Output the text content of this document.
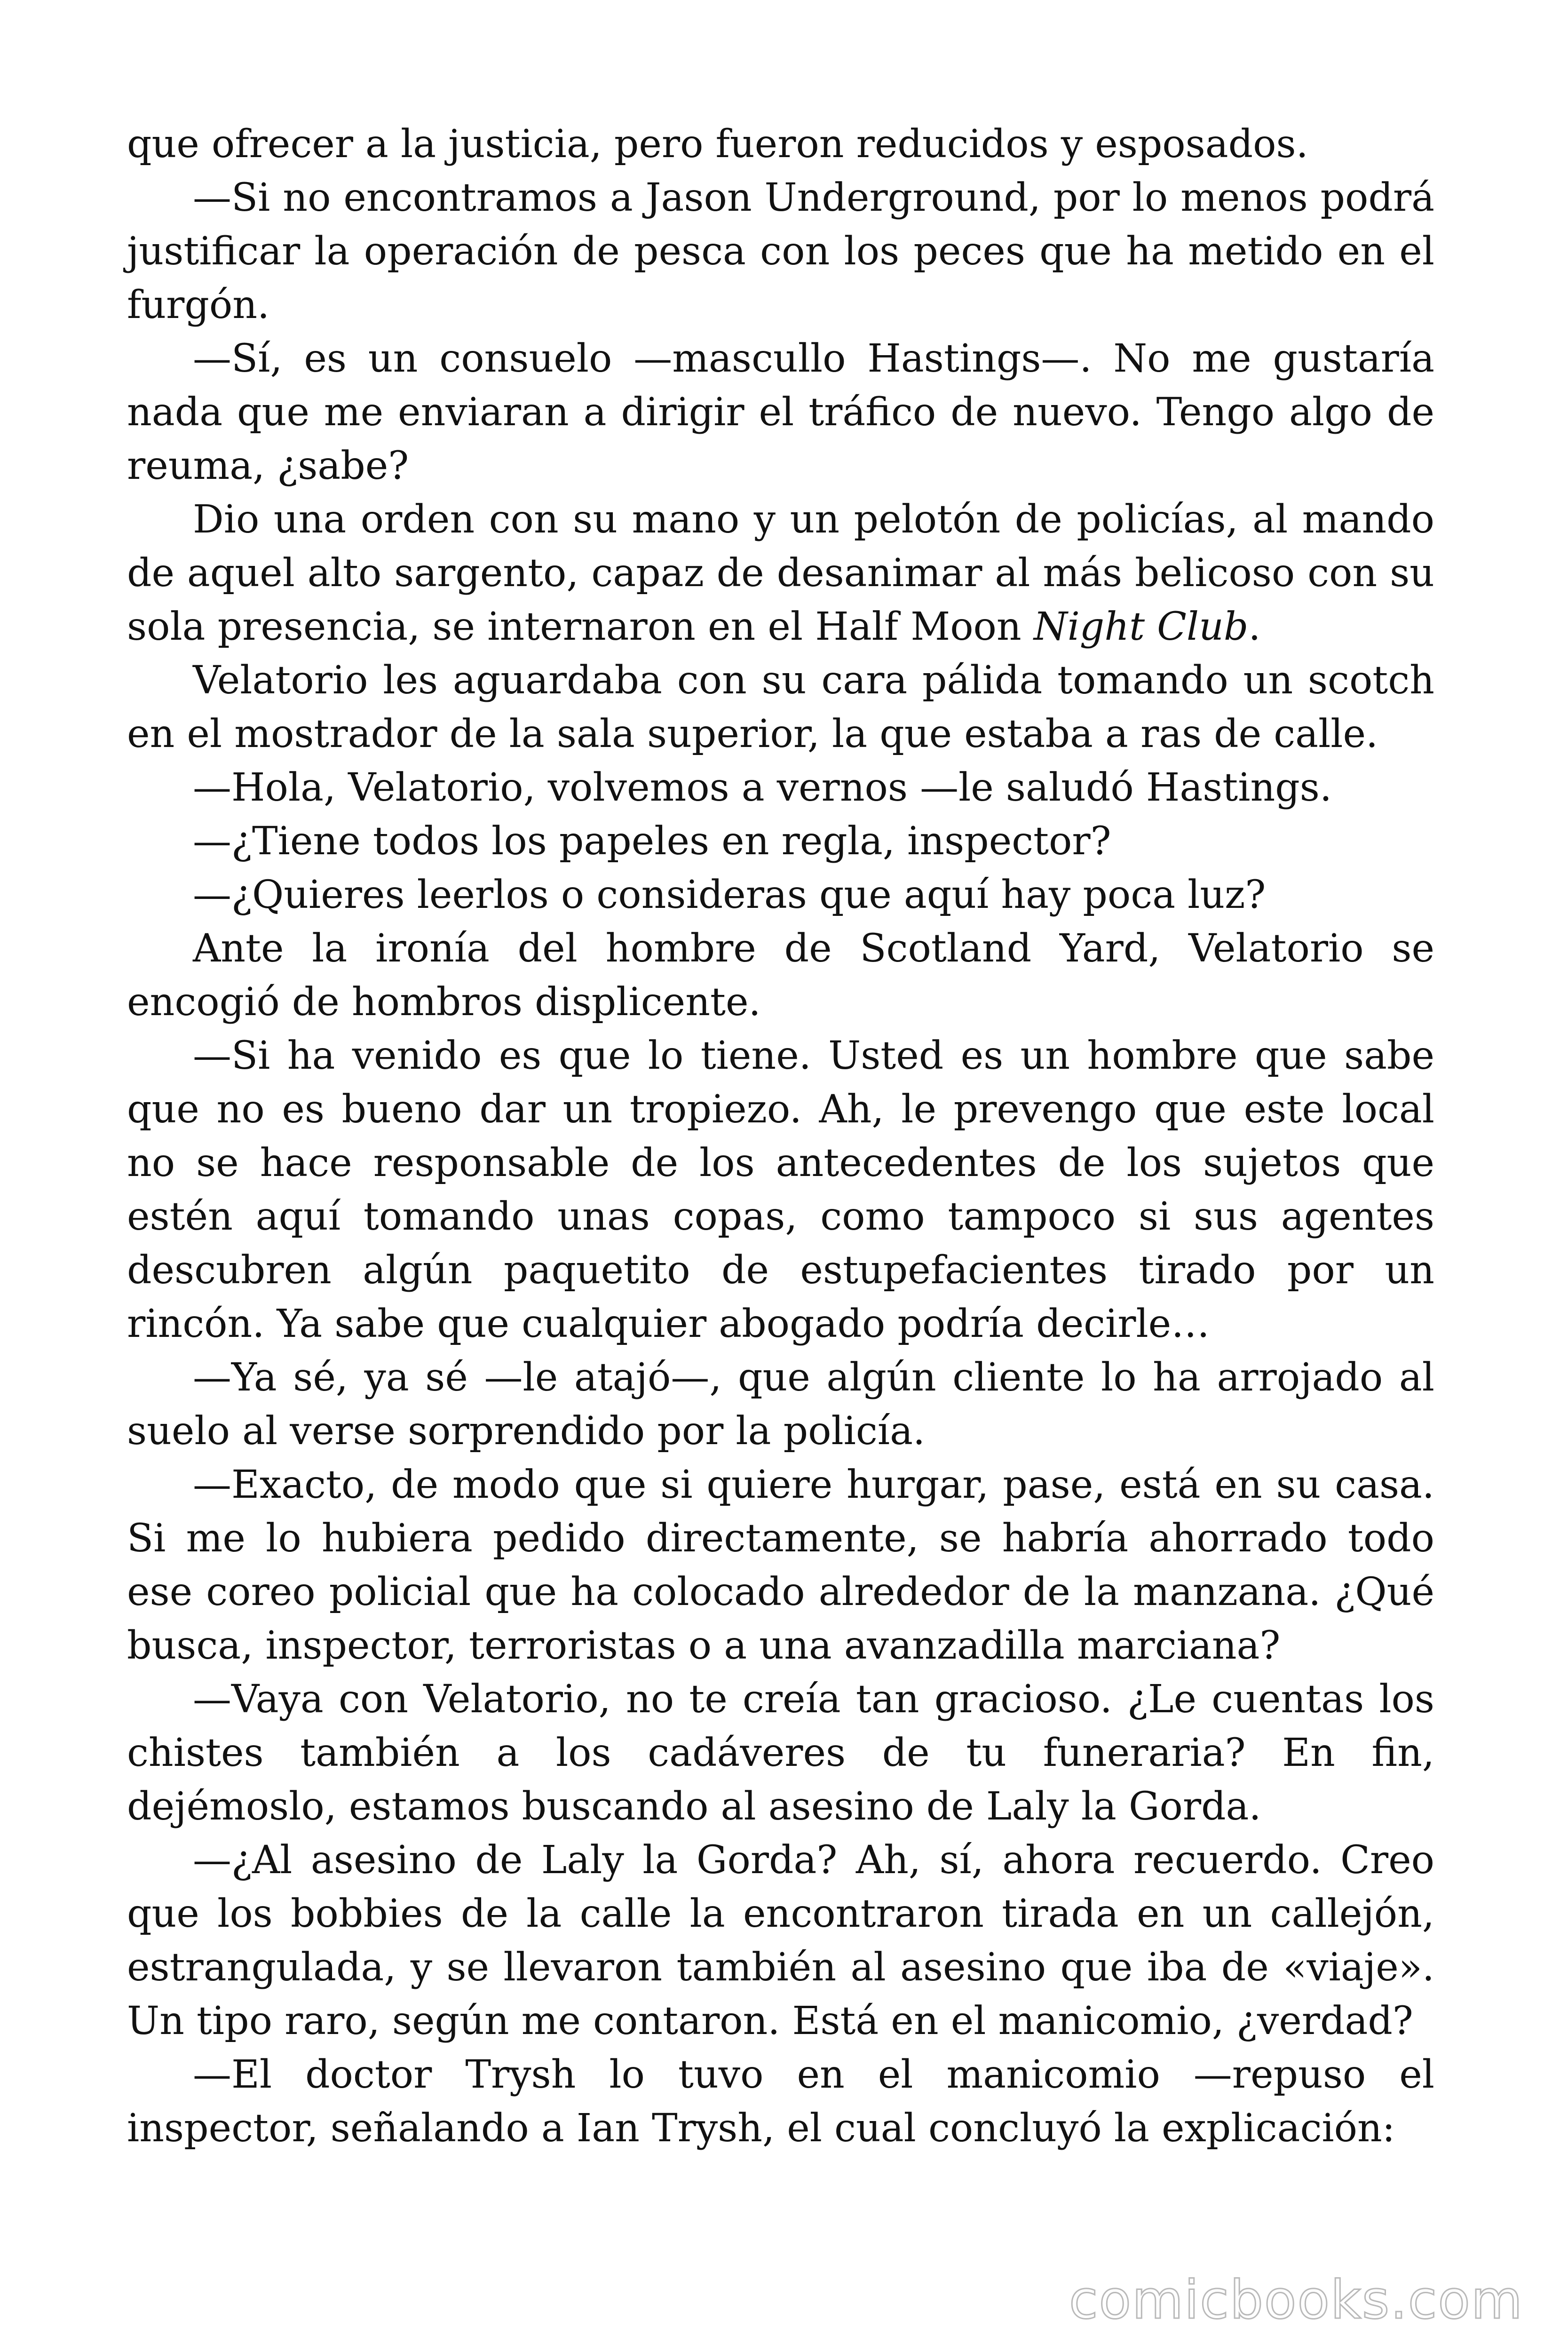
que ofrecer a la justicia, pero fueron reducidos y esposados.

—Si no encontramos a Jason Underground, por lo menos podrá justificar la operación de pesca con los peces que ha metido en el furgón.

—Sí, es un consuelo —mascullo Hastings—. No me gustaría nada que me enviaran a dirigir el tráfico de nuevo. Tengo algo de reuma, ¿sabe?

Dio una orden con su mano y un pelotón de policías, al mando de aquel alto sargento, capaz de desanimar al más belicoso con su sola presencia, se internaron en el Half Moon Night Club.

Velatorio les aguardaba con su cara pálida tomando un scotch en el mostrador de la sala superior, la que estaba a ras de calle.

—Hola, Velatorio, volvemos a vernos —le saludó Hastings.

—¿Tiene todos los papeles en regla, inspector?

—¿Quieres leerlos o consideras que aquí hay poca luz?

Ante la ironía del hombre de Scotland Yard, Velatorio se encogió de hombros displicente.

—Si ha venido es que lo tiene. Usted es un hombre que sabe que no es bueno dar un tropiezo. Ah, le prevengo que este local no se hace responsable de los antecedentes de los sujetos que estén aquí tomando unas copas, como tampoco si sus agentes descubren algún paquetito de estupefacientes tirado por un rincón. Ya sabe que cualquier abogado podría decirle…

—Ya sé, ya sé —le atajó—, que algún cliente lo ha arrojado al suelo al verse sorprendido por la policía.

—Exacto, de modo que si quiere hurgar, pase, está en su casa. Si me lo hubiera pedido directamente, se habría ahorrado todo ese coreo policial que ha colocado alrededor de la manzana. ¿Qué busca, inspector, terroristas o a una avanzadilla marciana?

—Vaya con Velatorio, no te creía tan gracioso. ¿Le cuentas los chistes también a los cadáveres de tu funeraria? En fin, dejémoslo, estamos buscando al asesino de Laly la Gorda.

—¿Al asesino de Laly la Gorda? Ah, sí, ahora recuerdo. Creo que los bobbies de la calle la encontraron tirada en un callejón, estrangulada, y se llevaron también al asesino que iba de «viaje». Un tipo raro, según me contaron. Está en el manicomio, ¿verdad?

—El doctor Trysh lo tuvo en el manicomio —repuso el inspector, señalando a Ian Trysh, el cual concluyó la explicación:

comicbooks.com
